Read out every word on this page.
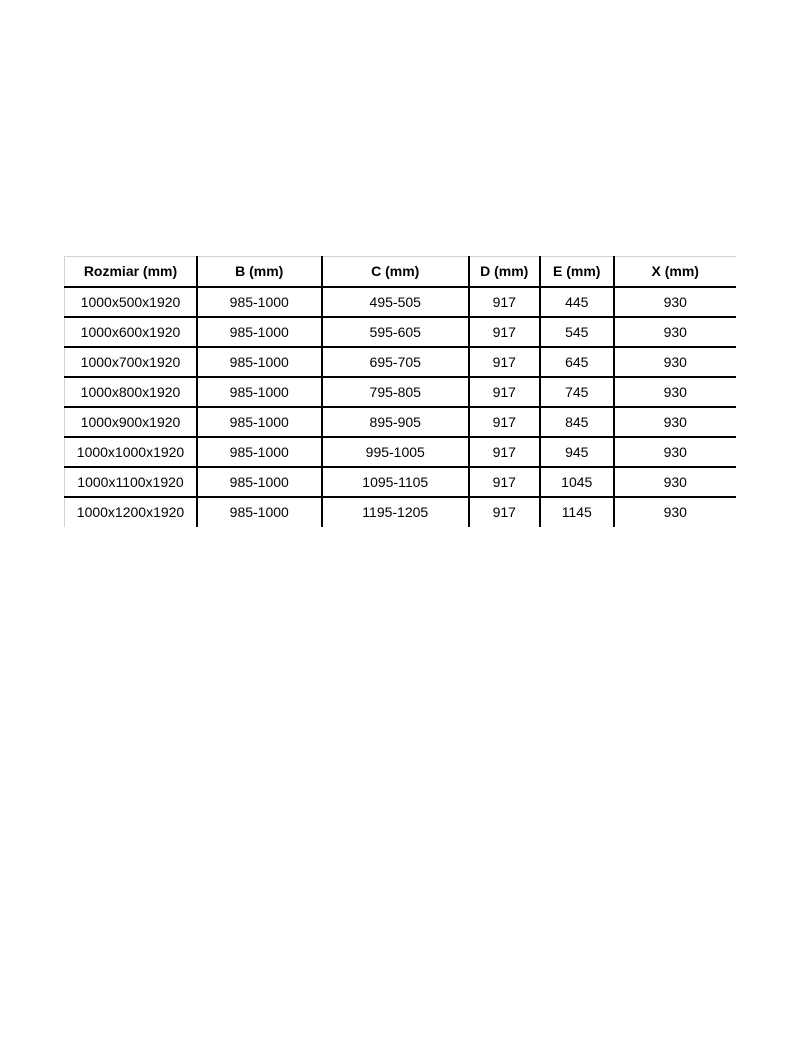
Rozmiar (mm)	B (mm)	C (mm)	D (mm)	E (mm)	X (mm)
1000x500x1920	985-1000	495-505	917	445	930
1000x600x1920	985-1000	595-605	917	545	930
1000x700x1920	985-1000	695-705	917	645	930
1000x800x1920	985-1000	795-805	917	745	930
1000x900x1920	985-1000	895-905	917	845	930
1000x1000x1920	985-1000	995-1005	917	945	930
1000x1100x1920	985-1000	1095-1105	917	1045	930
1000x1200x1920	985-1000	1195-1205	917	1145	930
